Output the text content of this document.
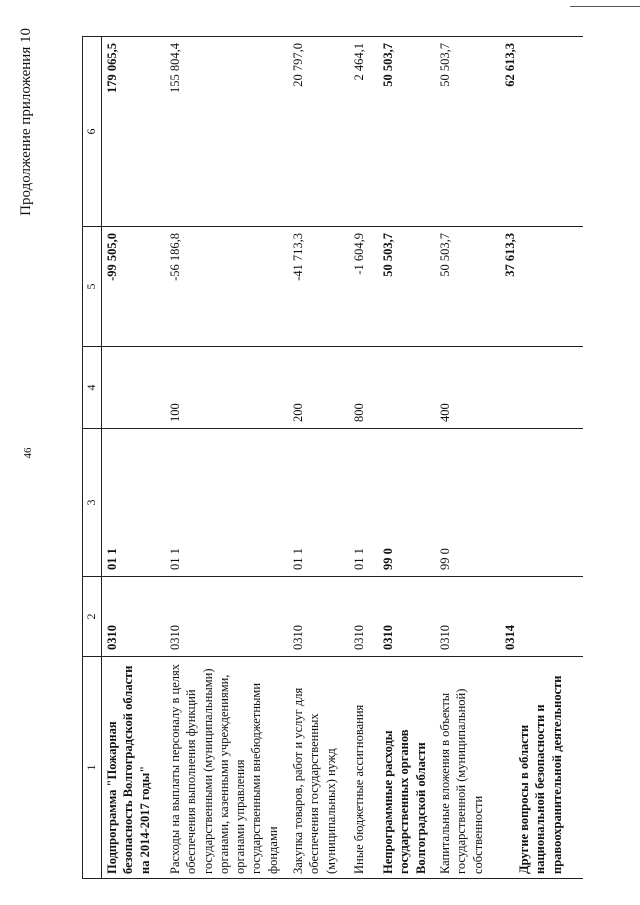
46
Продолжение приложения 10
1	2	3	4	5	6
Подпрограмма "Пожарная безопасность Волгоградской области на 2014-2017 годы"	0310	01 1		-99 505,0	179 065,5
Расходы на выплаты персоналу в целях обеспечения выполнения функций государственными (муниципальными) органами, казенными учреждениями, органами управления государственными внебюджетными фондами	0310	01 1	100	-56 186,8	155 804,4
Закупка товаров, работ и услуг для обеспечения государственных (муниципальных) нужд	0310	01 1	200	-41 713,3	20 797,0
Иные бюджетные ассигнования	0310	01 1	800	-1 604,9	2 464,1
Непрограммные расходы государственных органов Волгоградской области	0310	99 0		50 503,7	50 503,7
Капитальные вложения в объекты государственной (муниципальной) собственности	0310	99 0	400	50 503,7	50 503,7
Другие вопросы в области национальной безопасности и правоохранительной деятельности	0314			37 613,3	62 613,3
